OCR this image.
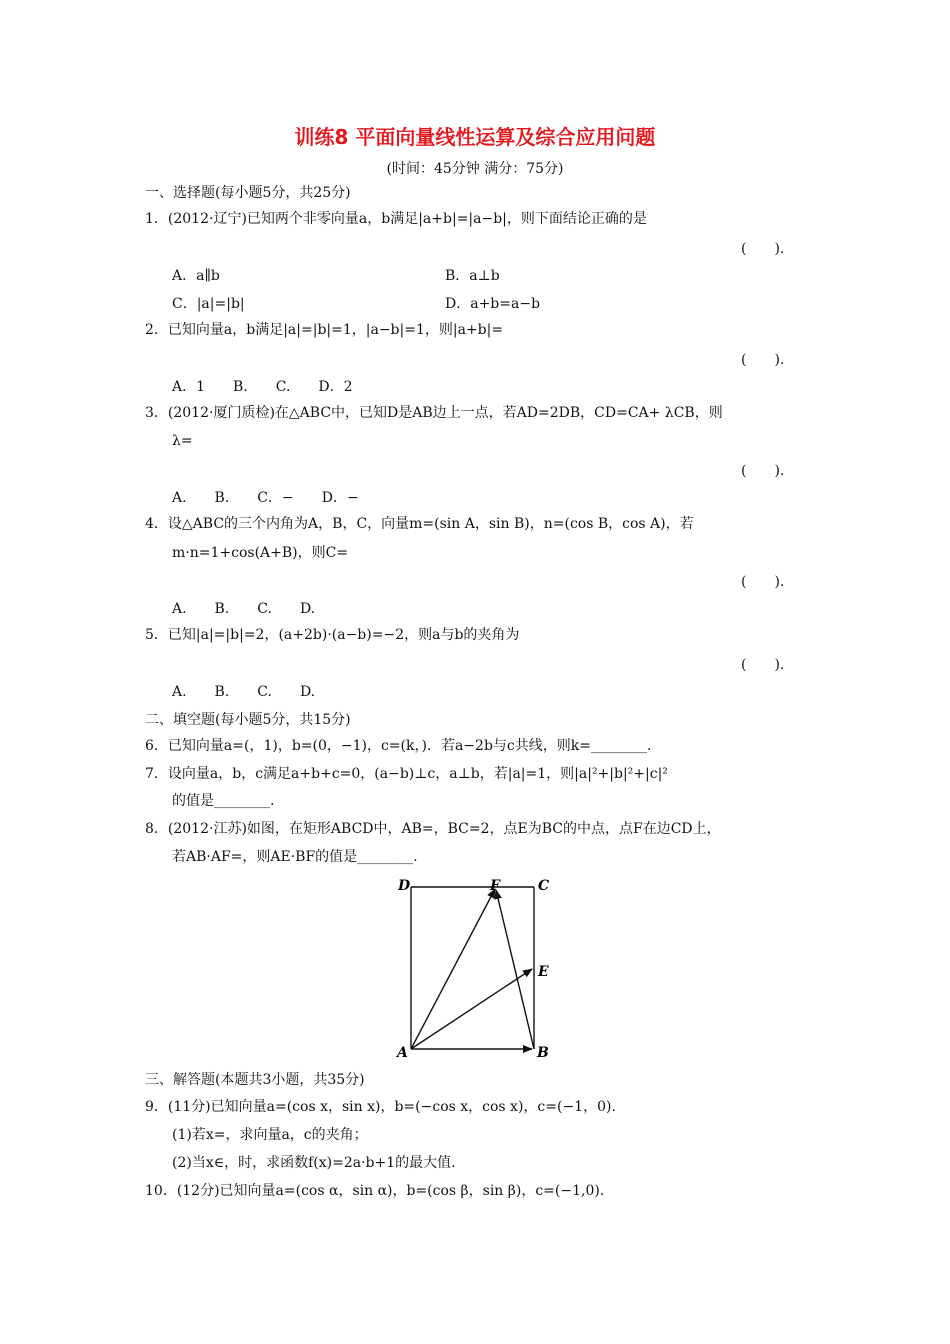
训练8 平面向量线性运算及综合应用问题
(时间：45分钟 满分：75分)
一、选择题(每小题5分，共25分)
1．(2012·辽宁)已知两个非零向量a，b满足|a+b|=|a−b|，则下面结论正确的是
(　　).
A．a∥b	B．a⊥b
C．|a|=|b|	D．a+b=a−b
2．已知向量a，b满足|a|=|b|=1，|a−b|=1，则|a+b|=
(　　).
A．1　　B.　　C.　　D．2
3．(2012·厦门质检)在△ABC中，已知D是AB边上一点，若AD=2DB，CD=CA+ λCB，则
λ=
(　　).
A.　　B.　　C．−　　D．−
4．设△ABC的三个内角为A，B，C，向量m=(sin A，sin B)，n=(cos B，cos A)，若
m·n=1+cos(A+B)，则C=
(　　).
A.　　B.　　C.　　D.
5．已知|a|=|b|=2，(a+2b)·(a−b)=−2，则a与b的夹角为
(　　).
A.　　B.　　C.　　D.
二、填空题(每小题5分，共15分)
6．已知向量a=(，1)，b=(0，−1)，c=(k，)．若a−2b与c共线，则k=________.
7．设向量a，b，c满足a+b+c=0，(a−b)⊥c，a⊥b，若|a|=1，则|a|²+|b|²+|c|²
的值是________.
8．(2012·江苏)如图，在矩形ABCD中，AB=，BC=2，点E为BC的中点，点F在边CD上，
若AB·AF=，则AE·BF的值是________.
D	F	C
E
A	B
三、解答题(本题共3小题，共35分)
9．(11分)已知向量a=(cos x，sin x)，b=(−cos x，cos x)，c=(−1，0)．
(1)若x=，求向量a，c的夹角；
(2)当x∈，时，求函数f(x)=2a·b+1的最大值.
10．(12分)已知向量a=(cos α，sin α)，b=(cos β，sin β)，c=(−1,0)．
